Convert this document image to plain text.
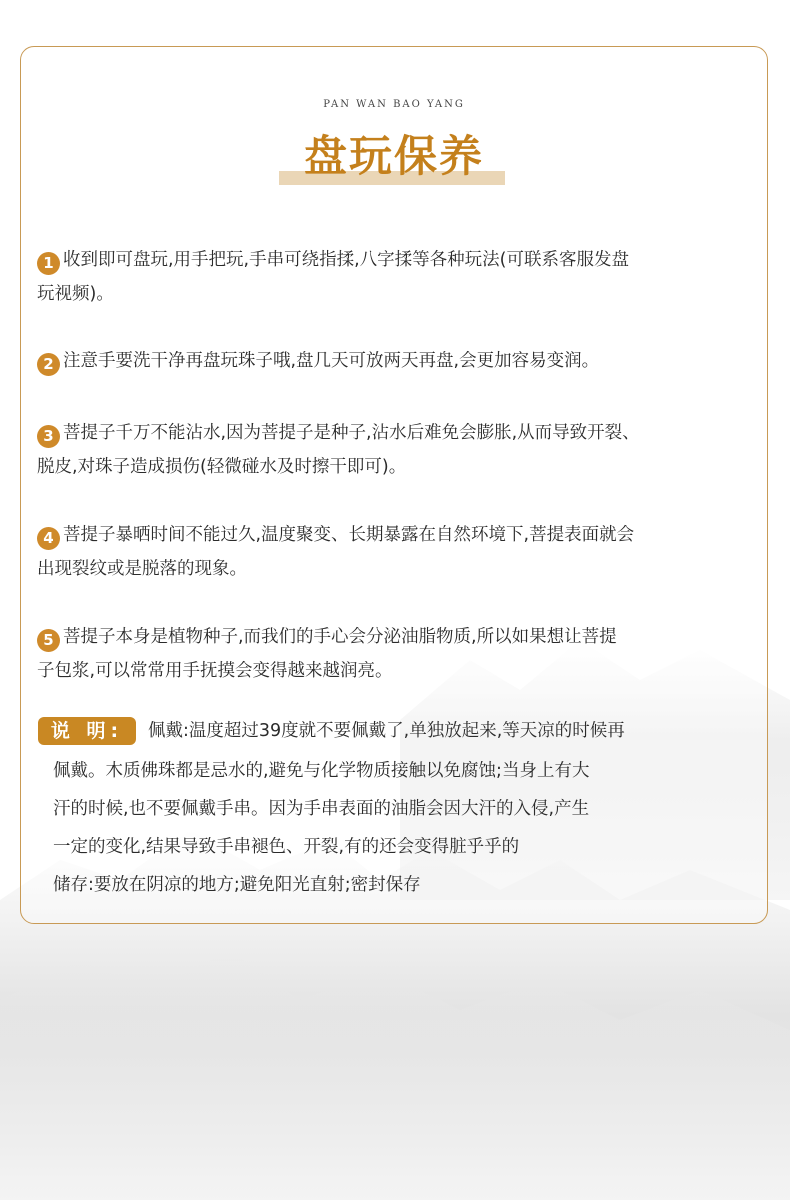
PAN WAN BAO YANG
盘玩保养
1 收到即可盘玩,用手把玩,手串可绕指揉,八字揉等各种玩法(可联系客服发盘
玩视频)。
2 注意手要洗干净再盘玩珠子哦,盘几天可放两天再盘,会更加容易变润。
3 菩提子千万不能沾水,因为菩提子是种子,沾水后难免会膨胀,从而导致开裂、
脱皮,对珠子造成损伤(轻微碰水及时擦干即可)。
4 菩提子暴晒时间不能过久,温度聚变、长期暴露在自然环境下,菩提表面就会
出现裂纹或是脱落的现象。
5 菩提子本身是植物种子,而我们的手心会分泌油脂物质,所以如果想让菩提
子包浆,可以常常用手抚摸会变得越来越润亮。
说 明:	佩戴:温度超过39度就不要佩戴了,单独放起来,等天凉的时候再
佩戴。木质佛珠都是忌水的,避免与化学物质接触以免腐蚀;当身上有大
汗的时候,也不要佩戴手串。因为手串表面的油脂会因大汗的入侵,产生
一定的变化,结果导致手串褪色、开裂,有的还会变得脏乎乎的
储存:要放在阴凉的地方;避免阳光直射;密封保存
